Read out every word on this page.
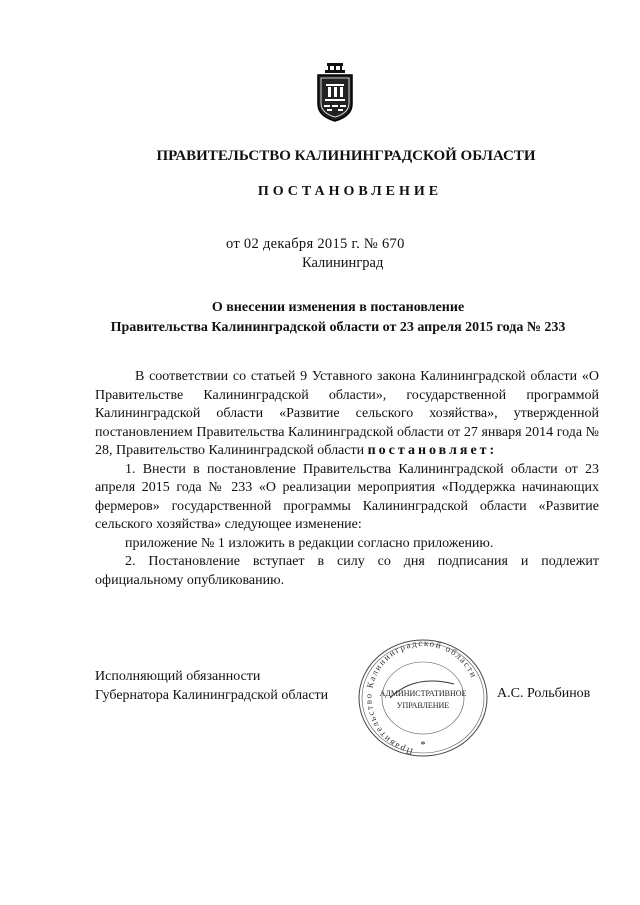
ПРАВИТЕЛЬСТВО КАЛИНИНГРАДСКОЙ ОБЛАСТИ
ПОСТАНОВЛЕНИЕ
от 02 декабря 2015 г. № 670
Калининград
О внесении изменения в постановление
Правительства Калининградской области от 23 апреля 2015 года № 233

В соответствии со статьей 9 Уставного закона Калининградской области «О Правительстве Калининградской области», государственной программой Калининградской области «Развитие сельского хозяйства», утвержденной постановлением Правительства Калининградской области от 27 января 2014 года № 28, Правительство Калининградской области постановляет:

1. Внести в постановление Правительства Калининградской области от 23 апреля 2015 года № 233 «О реализации мероприятия «Поддержка начинающих фермеров» государственной программы Калининградской области «Развитие сельского хозяйства» следующее изменение:

приложение № 1 изложить в редакции согласно приложению.

2. Постановление вступает в силу со дня подписания и подлежит официальному опубликованию.

Исполняющий обязанности
Губернатора Калининградской области
Правительство Калининградской области
АДМИНИСТРАТИВНОЕ
УПРАВЛЕНИЕ
*
А.С. Рольбинов
